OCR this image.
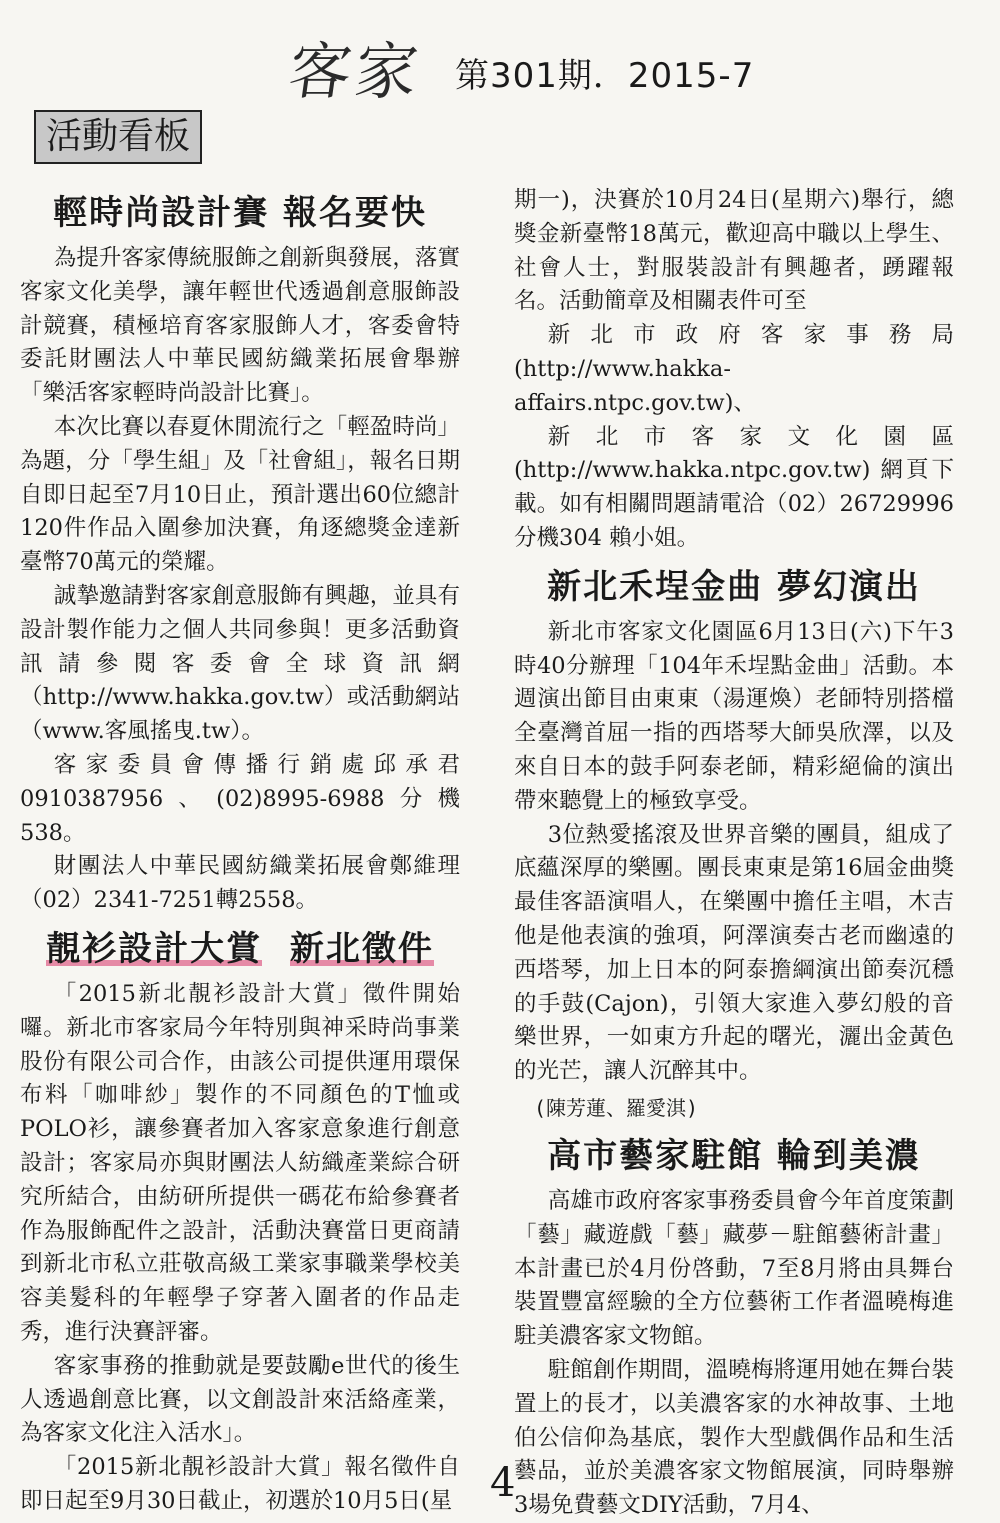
客家 第301期．2015-7
活動看板
輕時尚設計賽 報名要快

為提升客家傳統服飾之創新與發展，落實客家文化美學，讓年輕世代透過創意服飾設計競賽，積極培育客家服飾人才，客委會特委託財團法人中華民國紡織業拓展會舉辦「樂活客家輕時尚設計比賽」。

本次比賽以春夏休閒流行之「輕盈時尚」為題，分「學生組」及「社會組」，報名日期自即日起至7月10日止，預計選出60位總計120件作品入圍參加決賽，角逐總獎金達新臺幣70萬元的榮耀。

誠摯邀請對客家創意服飾有興趣，並具有設計製作能力之個人共同參與！更多活動資訊請參閱客委會全球資訊網（http://www.hakka.gov.tw）或活動網站（www.客風搖曳.tw）。

客家委員會傳播行銷處邱承君0910387956、(02)8995-6988分機538。

財團法人中華民國紡織業拓展會鄭維理（02）2341-7251轉2558。

靚衫設計大賞 新北徵件

「2015新北靚衫設計大賞」徵件開始囉。新北市客家局今年特別與神采時尚事業股份有限公司合作，由該公司提供運用環保布料「咖啡紗」製作的不同顏色的T恤或POLO衫，讓參賽者加入客家意象進行創意設計；客家局亦與財團法人紡織產業綜合研究所結合，由紡研所提供一碼花布給參賽者作為服飾配件之設計，活動決賽當日更商請到新北市私立莊敬高級工業家事職業學校美容美髮科的年輕學子穿著入圍者的作品走秀，進行決賽評審。

客家事務的推動就是要鼓勵e世代的後生人透過創意比賽，以文創設計來活絡產業，為客家文化注入活水」。

「2015新北靚衫設計大賞」報名徵件自即日起至9月30日截止，初選於10月5日(星

期一)，決賽於10月24日(星期六)舉行，總獎金新臺幣18萬元，歡迎高中職以上學生、社會人士，對服裝設計有興趣者，踴躍報名。活動簡章及相關表件可至

新北市政府客家事務局

(http://www.hakka-affairs.ntpc.gov.tw)、

新北市客家文化園區

(http://www.hakka.ntpc.gov.tw) 網頁下載。如有相關問題請電洽（02）26729996分機304 賴小姐。

新北禾埕金曲 夢幻演出

新北市客家文化園區6月13日(六)下午3時40分辦理「104年禾埕點金曲」活動。本週演出節目由東東（湯運煥）老師特別搭檔全臺灣首屈一指的西塔琴大師吳欣澤，以及來自日本的鼓手阿泰老師，精彩絕倫的演出帶來聽覺上的極致享受。

3位熱愛搖滾及世界音樂的團員，組成了底蘊深厚的樂團。團長東東是第16屆金曲獎最佳客語演唱人，在樂團中擔任主唱，木吉他是他表演的強項，阿澤演奏古老而幽遠的西塔琴，加上日本的阿泰擔綱演出節奏沉穩的手鼓(Cajon)，引領大家進入夢幻般的音樂世界，一如東方升起的曙光，灑出金黃色的光芒，讓人沉醉其中。

(陳芳蓮、羅愛淇)
高市藝家駐館 輪到美濃

高雄市政府客家事務委員會今年首度策劃「藝」藏遊戲「藝」藏夢－駐館藝術計畫」本計畫已於4月份啓動，7至8月將由具舞台裝置豐富經驗的全方位藝術工作者溫曉梅進駐美濃客家文物館。

駐館創作期間，溫曉梅將運用她在舞台裝置上的長才，以美濃客家的水神故事、土地伯公信仰為基底，製作大型戲偶作品和生活藝品，並於美濃客家文物館展演，同時舉辦3場免費藝文DIY活動，7月4、

4
